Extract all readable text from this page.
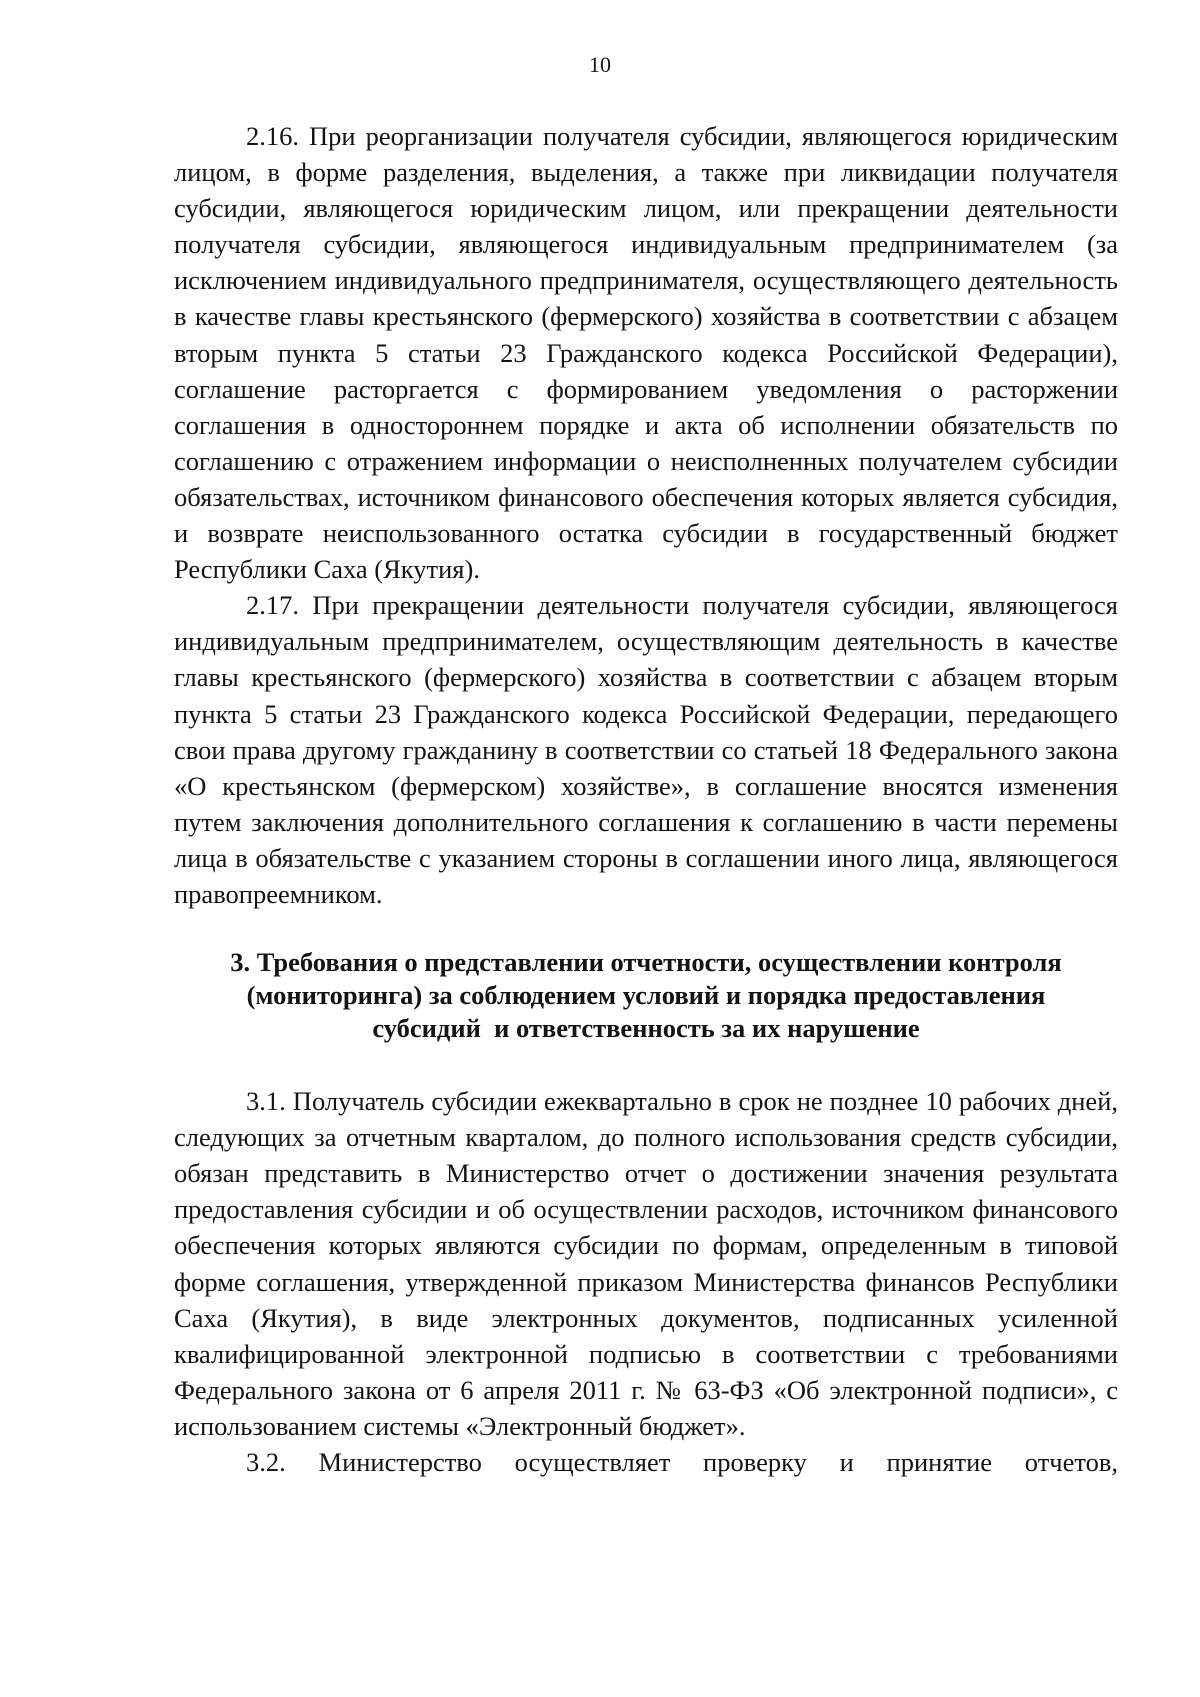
10

2.16. При реорганизации получателя субсидии, являющегося юридическим лицом, в форме разделения, выделения, а также при ликвидации получателя субсидии, являющегося юридическим лицом, или прекращении деятельности получателя субсидии, являющегося индивидуальным предпринимателем (за исключением индивидуального предпринимателя, осуществляющего деятельность в качестве главы крестьянского (фермерского) хозяйства в соответствии с абзацем вторым пункта 5 статьи 23 Гражданского кодекса Российской Федерации), соглашение расторгается с формированием уведомления о расторжении соглашения в одностороннем порядке и акта об исполнении обязательств по соглашению с отражением информации о неисполненных получателем субсидии обязательствах, источником финансового обеспечения которых является субсидия, и возврате неиспользованного остатка субсидии в государственный бюджет Республики Саха (Якутия).

2.17. При прекращении деятельности получателя субсидии, являющегося индивидуальным предпринимателем, осуществляющим деятельность в качестве главы крестьянского (фермерского) хозяйства в соответствии с абзацем вторым пункта 5 статьи 23 Гражданского кодекса Российской Федерации, передающего свои права другому гражданину в соответствии со статьей 18 Федерального закона «О крестьянском (фермерском) хозяйстве», в соглашение вносятся изменения путем заключения дополнительного соглашения к соглашению в части перемены лица в обязательстве с указанием стороны в соглашении иного лица, являющегося правопреемником.

3. Требования о представлении отчетности, осуществлении контроля
(мониторинга) за соблюдением условий и порядка предоставления
субсидий  и ответственность за их нарушение

3.1. Получатель субсидии ежеквартально в срок не позднее 10 рабочих дней, следующих за отчетным кварталом, до полного использования средств субсидии, обязан представить в Министерство отчет о достижении значения результата предоставления субсидии и об осуществлении расходов, источником финансового обеспечения которых являются субсидии по формам, определенным в типовой форме соглашения, утвержденной приказом Министерства финансов Республики Саха (Якутия), в виде электронных документов, подписанных усиленной квалифицированной электронной подписью в соответствии с требованиями Федерального закона от 6 апреля 2011 г. № 63-ФЗ «Об электронной подписи», с использованием системы «Электронный бюджет».

3.2. Министерство осуществляет проверку и принятие отчетов,
